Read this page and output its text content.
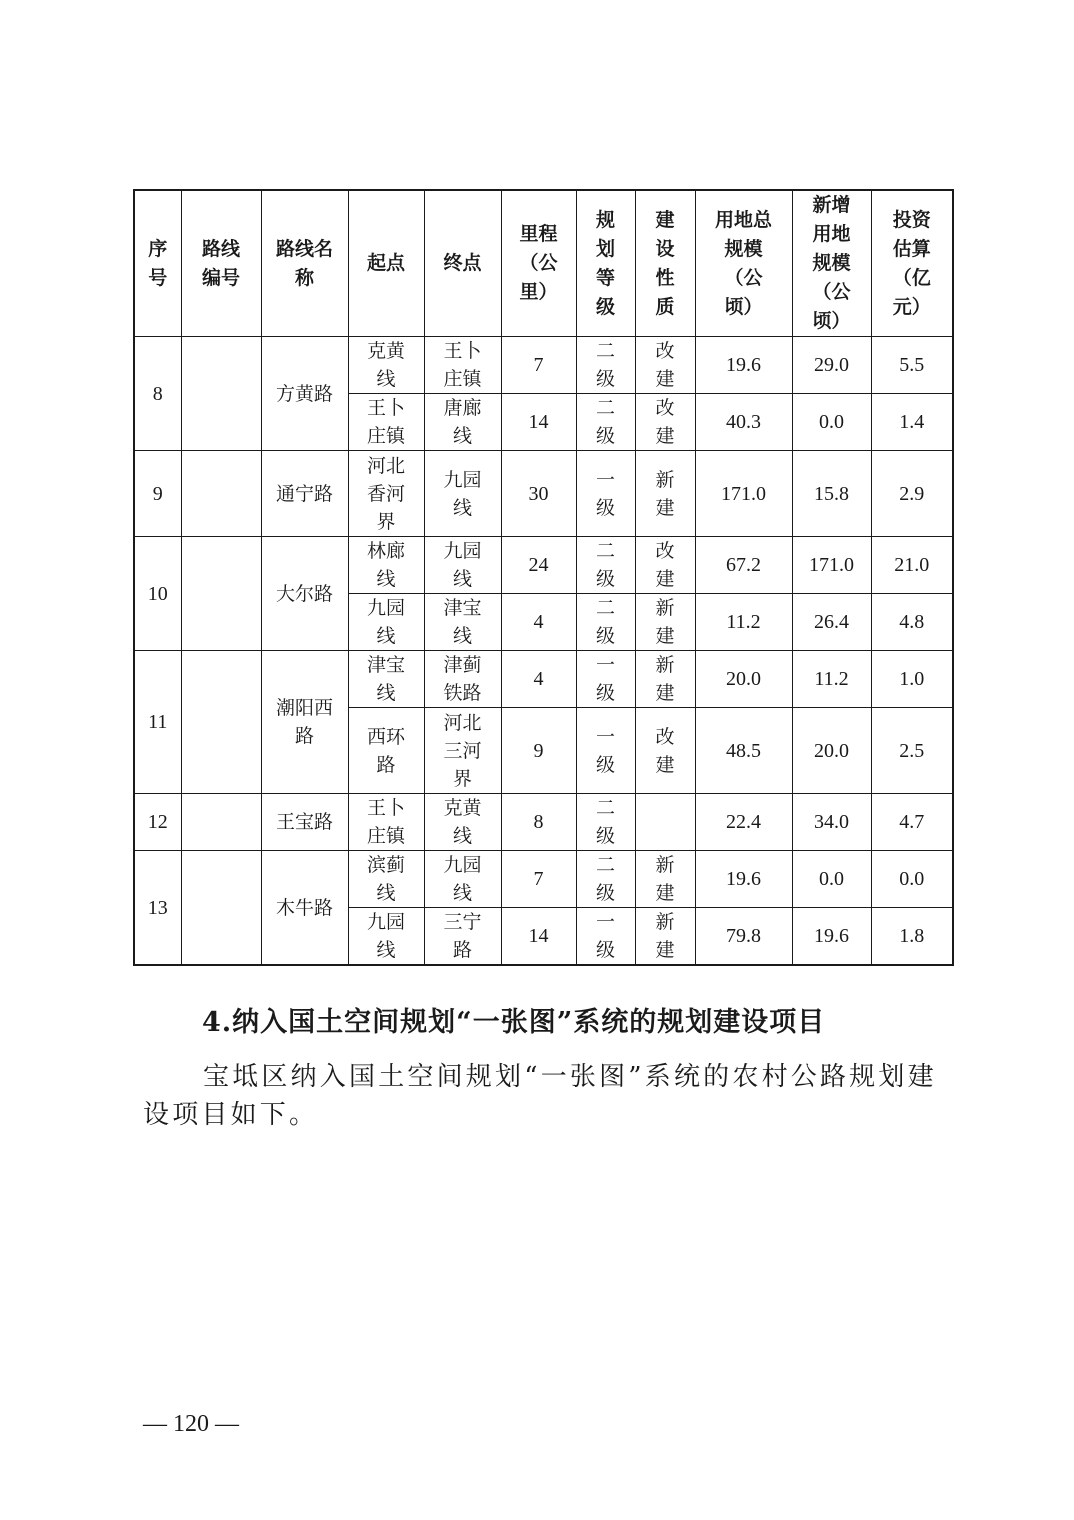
序
号	路线
编号	路线名
称	起点	终点	里程
（公
里）	规
划
等
级	建
设
性
质	用地总
规模
（公
顷）	新增
用地
规模
（公
顷）	投资
估算
（亿
元）
8		方黄路	克黄
线	王卜
庄镇	7	二
级	改
建	19.6	29.0	5.5
			王卜
庄镇	唐廊
线	14	二
级	改
建	40.3	0.0	1.4
9		通宁路	河北
香河
界	九园
线	30	一
级	新
建	171.0	15.8	2.9
10		大尔路	林廊
线	九园
线	24	二
级	改
建	67.2	171.0	21.0
			九园
线	津宝
线	4	二
级	新
建	11.2	26.4	4.8
11		潮阳西
路	津宝
线	津蓟
铁路	4	一
级	新
建	20.0	11.2	1.0
			西环
路	河北
三河
界	9	一
级	改
建	48.5	20.0	2.5
12		王宝路	王卜
庄镇	克黄
线	8	二
级		22.4	34.0	4.7
13		木牛路	滨蓟
线	九园
线	7	二
级	新
建	19.6	0.0	0.0
			九园
线	三宁
路	14	一
级	新
建	79.8	19.6	1.8
4.纳入国土空间规划“一张图”系统的规划建设项目

宝坻区纳入国土空间规划“一张图”系统的农村公路规划建设项目如下。

— 120 —
